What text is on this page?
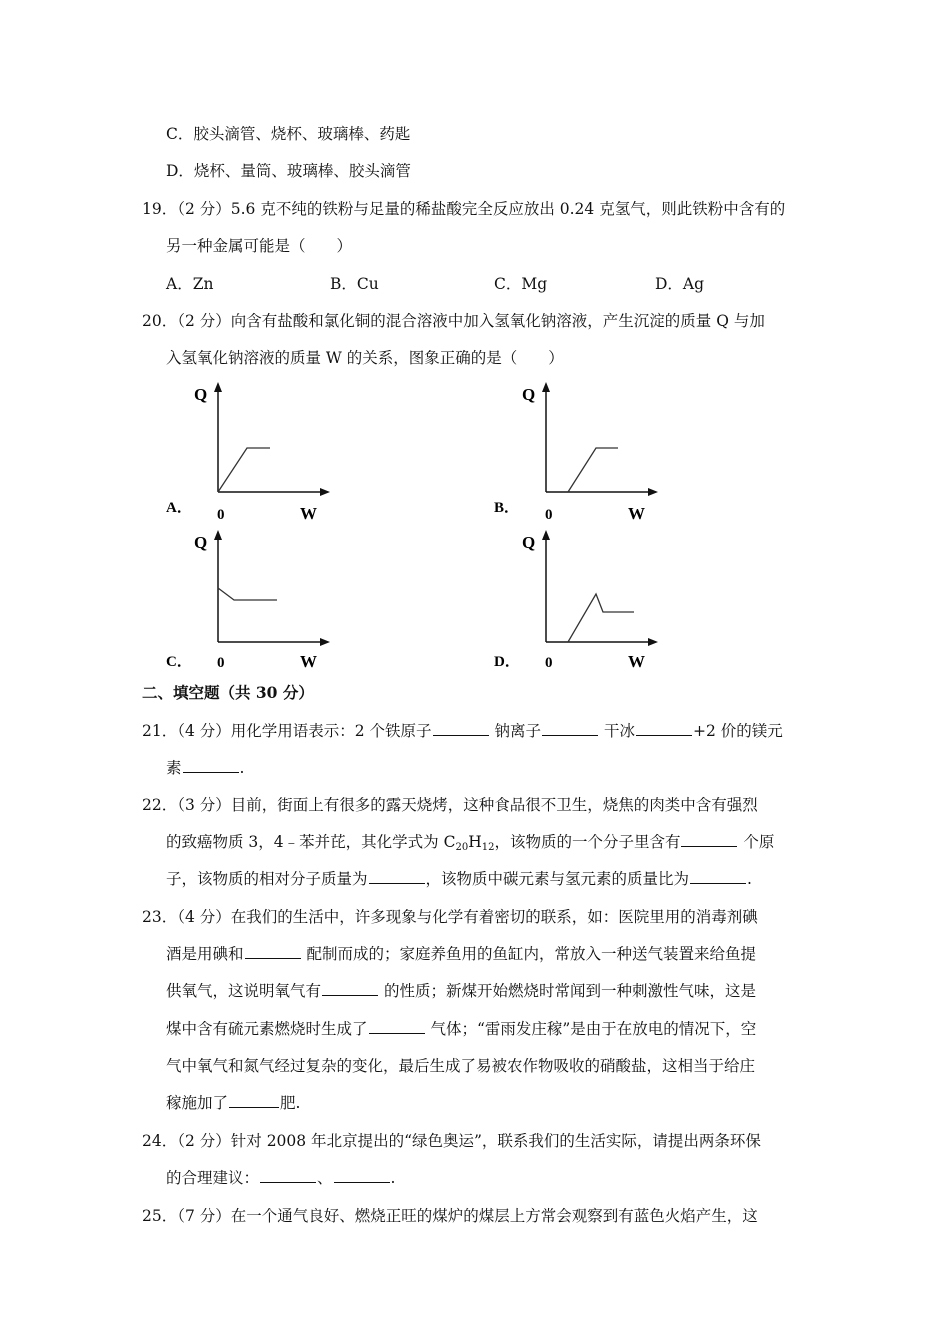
C．胶头滴管、烧杯、玻璃棒、药匙
D．烧杯、量筒、玻璃棒、胶头滴管
19．（2 分）5.6 克不纯的铁粉与足量的稀盐酸完全反应放出 0.24 克氢气，则此铁粉中含有的
另一种金属可能是（　　）
A．Zn	B．Cu	C．Mg	D．Ag
20．（2 分）向含有盐酸和氯化铜的混合溶液中加入氢氧化钠溶液，产生沉淀的质量 Q 与加
入氢氧化钠溶液的质量 W 的关系，图象正确的是（　　）
A．
Q
0	W	B．
Q
0	W
C．
Q
0	W	D．
Q
0	W
二、填空题（共 30 分）
21．（4 分）用化学用语表示：2 个铁原子	钠离子	干冰	+2 价的镁元
素	.
22．（3 分）目前，街面上有很多的露天烧烤，这种食品很不卫生，烧焦的肉类中含有强烈
的致癌物质 3，4﹣苯并芘，其化学式为 $C_{20}H_{12}$，该物质的一个分子里含有	个原
子，该物质的相对分子质量为	，该物质中碳元素与氢元素的质量比为	.
23．（4 分）在我们的生活中，许多现象与化学有着密切的联系，如：医院里用的消毒剂碘
酒是用碘和	配制而成的；家庭养鱼用的鱼缸内，常放入一种送气装置来给鱼提
供氧气，这说明氧气有	的性质；新煤开始燃烧时常闻到一种刺激性气味，这是
煤中含有硫元素燃烧时生成了	气体；“雷雨发庄稼”是由于在放电的情况下，空
气中氧气和氮气经过复杂的变化，最后生成了易被农作物吸收的硝酸盐，这相当于给庄
稼施加了	肥.
24．（2 分）针对 2008 年北京提出的“绿色奥运”，联系我们的生活实际，请提出两条环保
的合理建议：	、	.
25．（7 分）在一个通气良好、燃烧正旺的煤炉的煤层上方常会观察到有蓝色火焰产生，这
